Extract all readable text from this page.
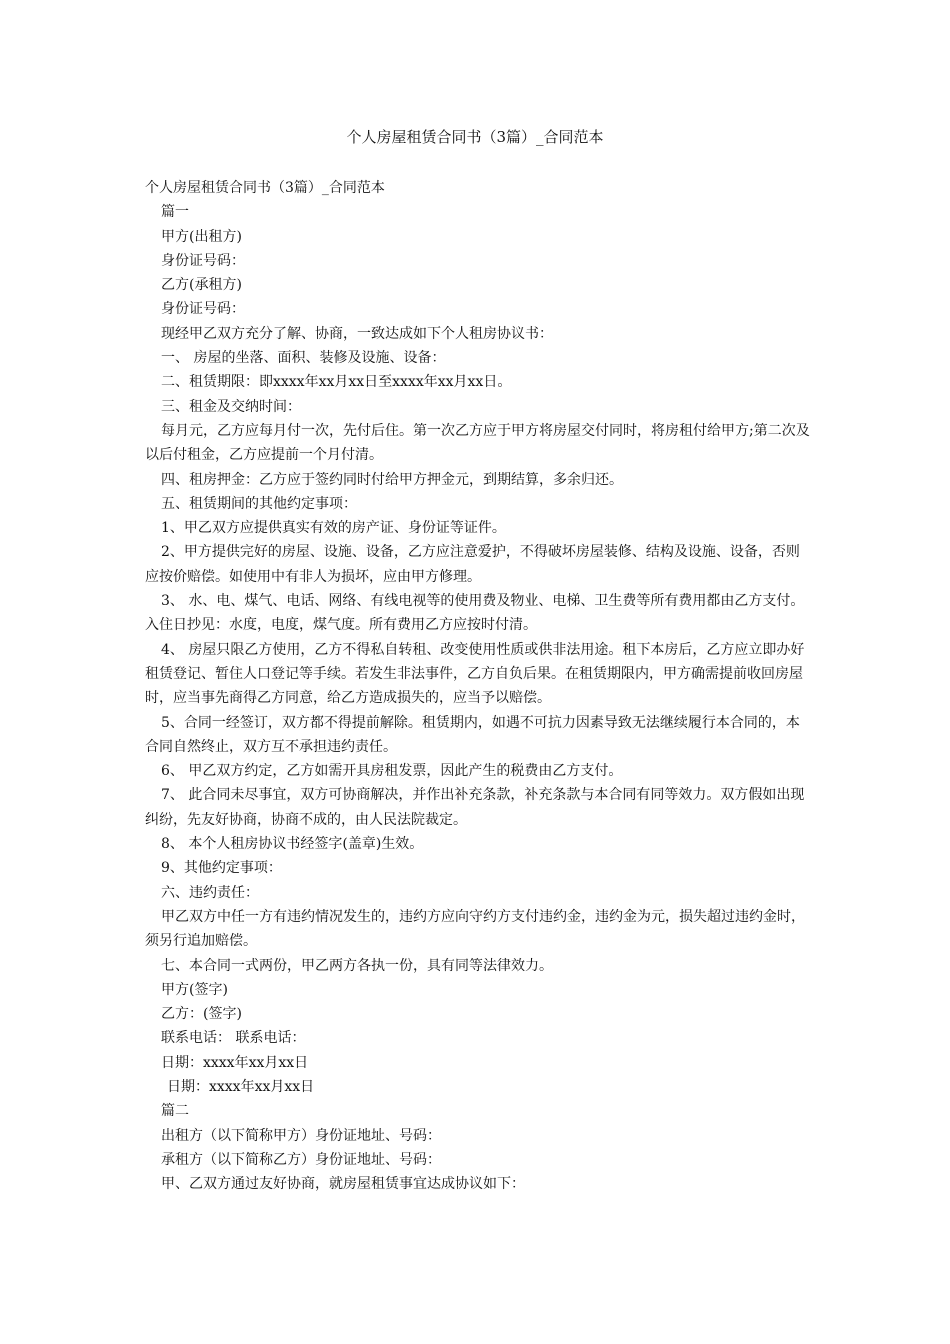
个人房屋租赁合同书（3篇）_合同范本

个人房屋租赁合同书（3篇）_合同范本

篇一

甲方(出租方)

身份证号码：

乙方(承租方)

身份证号码：

现经甲乙双方充分了解、协商，一致达成如下个人租房协议书：

一、 房屋的坐落、面积、装修及设施、设备：

二、租赁期限：即xxxx年xx月xx日至xxxx年xx月xx日。

三、租金及交纳时间：

每月元，乙方应每月付一次，先付后住。第一次乙方应于甲方将房屋交付同时，将房租付给甲方;第二次及以后付租金，乙方应提前一个月付清。

四、租房押金：乙方应于签约同时付给甲方押金元，到期结算，多余归还。

五、租赁期间的其他约定事项：

1、甲乙双方应提供真实有效的房产证、身份证等证件。

2、甲方提供完好的房屋、设施、设备，乙方应注意爱护，不得破坏房屋装修、结构及设施、设备，否则应按价赔偿。如使用中有非人为损坏，应由甲方修理。

3、 水、电、煤气、电话、网络、有线电视等的使用费及物业、电梯、卫生费等所有费用都由乙方支付。入住日抄见：水度，电度，煤气度。所有费用乙方应按时付清。

4、 房屋只限乙方使用，乙方不得私自转租、改变使用性质或供非法用途。租下本房后，乙方应立即办好租赁登记、暂住人口登记等手续。若发生非法事件，乙方自负后果。在租赁期限内，甲方确需提前收回房屋时，应当事先商得乙方同意，给乙方造成损失的，应当予以赔偿。

5、合同一经签订，双方都不得提前解除。租赁期内，如遇不可抗力因素导致无法继续履行本合同的，本合同自然终止，双方互不承担违约责任。

6、 甲乙双方约定，乙方如需开具房租发票，因此产生的税费由乙方支付。

7、 此合同未尽事宜，双方可协商解决，并作出补充条款，补充条款与本合同有同等效力。双方假如出现纠纷，先友好协商，协商不成的，由人民法院裁定。

8、 本个人租房协议书经签字(盖章)生效。

9、其他约定事项：

六、违约责任：

甲乙双方中任一方有违约情况发生的，违约方应向守约方支付违约金，违约金为元，损失超过违约金时，须另行追加赔偿。

七、本合同一式两份，甲乙两方各执一份，具有同等法律效力。

甲方(签字)

乙方：(签字)

联系电话： 联系电话：

日期：xxxx年xx月xx日

日期：xxxx年xx月xx日

篇二

出租方（以下简称甲方）身份证地址、号码：

承租方（以下简称乙方）身份证地址、号码：

甲、乙双方通过友好协商，就房屋租赁事宜达成协议如下：
